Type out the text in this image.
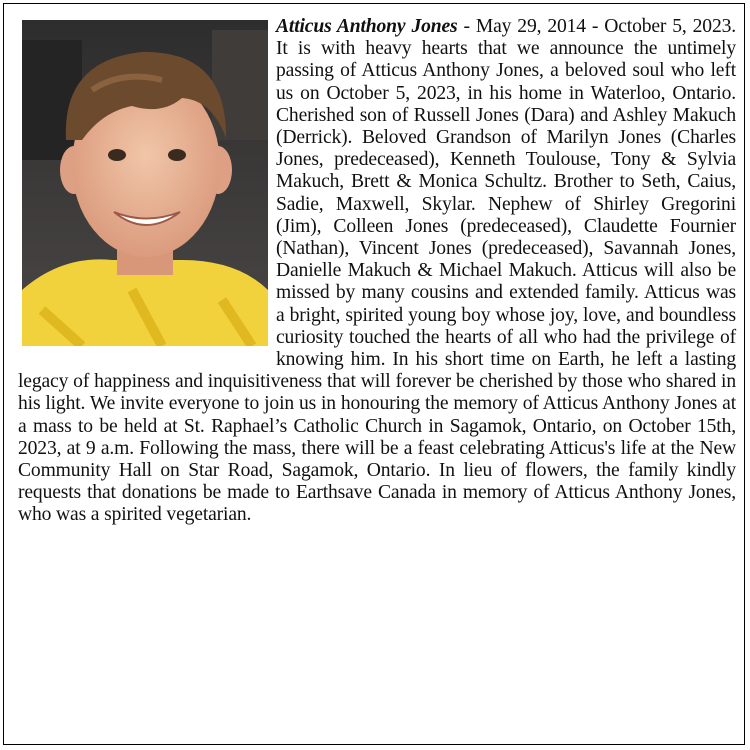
Atticus Anthony Jones - May 29, 2014 - October 5, 2023. It is with heavy hearts that we announce the untimely passing of Atticus Anthony Jones, a beloved soul who left us on October 5, 2023, in his home in Waterloo, Ontario. Cherished son of Russell Jones (Dara) and Ashley Makuch (Derrick). Beloved Grandson of Marilyn Jones (Charles Jones, predeceased), Kenneth Toulouse, Tony & Sylvia Makuch, Brett & Monica Schultz. Brother to Seth, Caius, Sadie, Maxwell, Skylar. Nephew of Shirley Gregorini (Jim), Colleen Jones (predeceased), Claudette Fournier (Nathan), Vincent Jones (predeceased), Savannah Jones, Danielle Makuch & Michael Makuch. Atticus will also be missed by many cousins and extended family. Atticus was a bright, spirited young boy whose joy, love, and boundless curiosity touched the hearts of all who had the privilege of knowing him. In his short time on Earth, he left a lasting legacy of happiness and inquisitiveness that will forever be cherished by those who shared in his light. We invite everyone to join us in honouring the memory of Atticus Anthony Jones at a mass to be held at St. Raphael’s Catholic Church in Sagamok, Ontario, on October 15th, 2023, at 9 a.m. Following the mass, there will be a feast celebrating Atticus's life at the New Community Hall on Star Road, Sagamok, Ontario. In lieu of flowers, the family kindly requests that donations be made to Earthsave Canada in memory of Atticus Anthony Jones, who was a spirited vegetarian.
